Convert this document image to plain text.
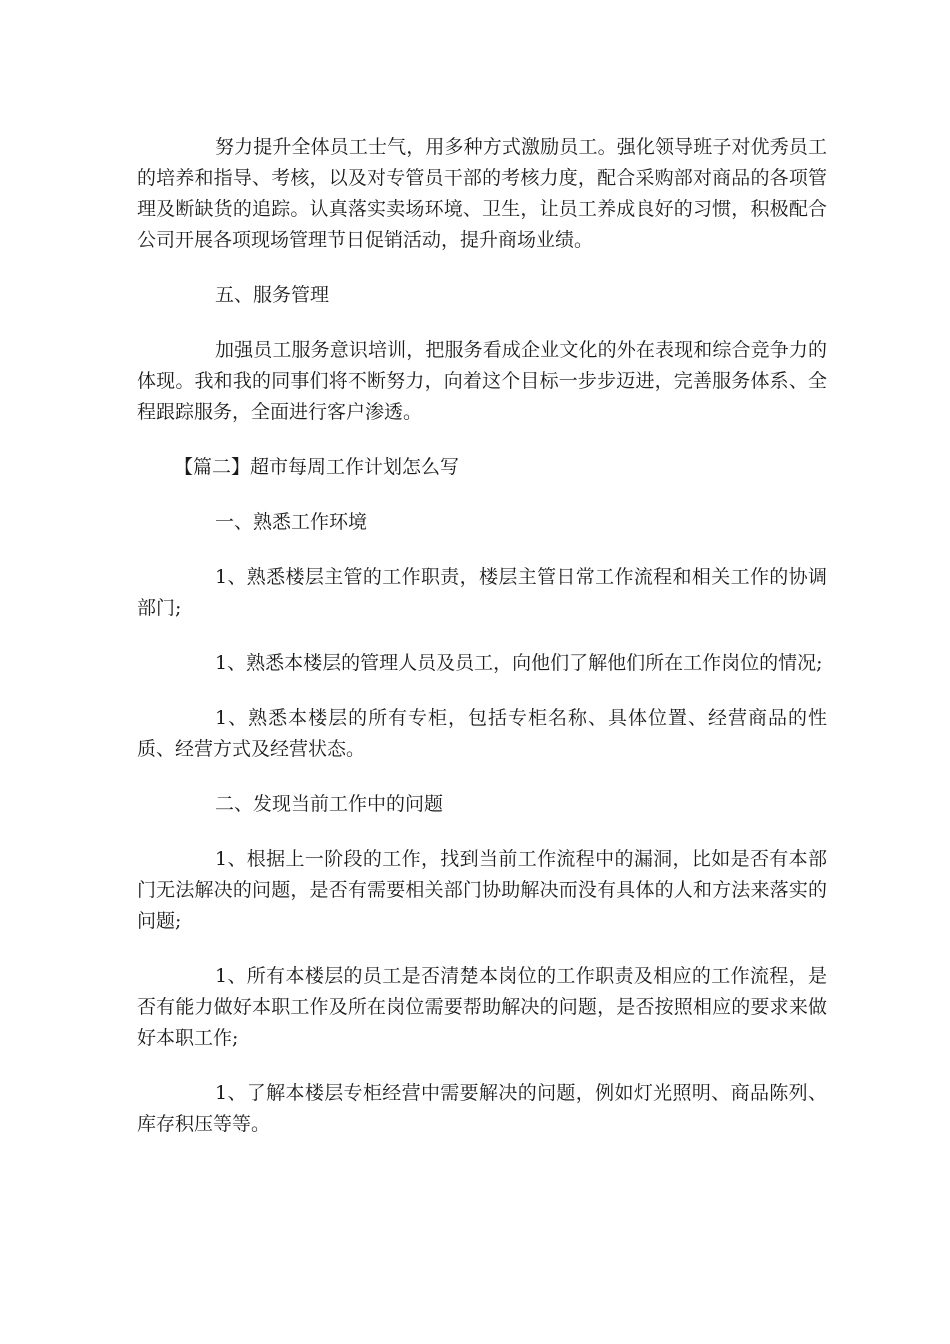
努力提升全体员工士气，用多种方式激励员工。强化领导班子对优秀员工的培养和指导、考核，以及对专管员干部的考核力度，配合采购部对商品的各项管理及断缺货的追踪。认真落实卖场环境、卫生，让员工养成良好的习惯，积极配合公司开展各项现场管理节日促销活动，提升商场业绩。

五、服务管理

加强员工服务意识培训，把服务看成企业文化的外在表现和综合竞争力的体现。我和我的同事们将不断努力，向着这个目标一步步迈进，完善服务体系、全程跟踪服务，全面进行客户渗透。

【篇二】超市每周工作计划怎么写

一、熟悉工作环境

1、熟悉楼层主管的工作职责，楼层主管日常工作流程和相关工作的协调部门;

1、熟悉本楼层的管理人员及员工，向他们了解他们所在工作岗位的情况;

1、熟悉本楼层的所有专柜，包括专柜名称、具体位置、经营商品的性质、经营方式及经营状态。

二、发现当前工作中的问题

1、根据上一阶段的工作，找到当前工作流程中的漏洞，比如是否有本部门无法解决的问题，是否有需要相关部门协助解决而没有具体的人和方法来落实的问题;

1、所有本楼层的员工是否清楚本岗位的工作职责及相应的工作流程，是否有能力做好本职工作及所在岗位需要帮助解决的问题，是否按照相应的要求来做好本职工作;

1、了解本楼层专柜经营中需要解决的问题，例如灯光照明、商品陈列、库存积压等等。
